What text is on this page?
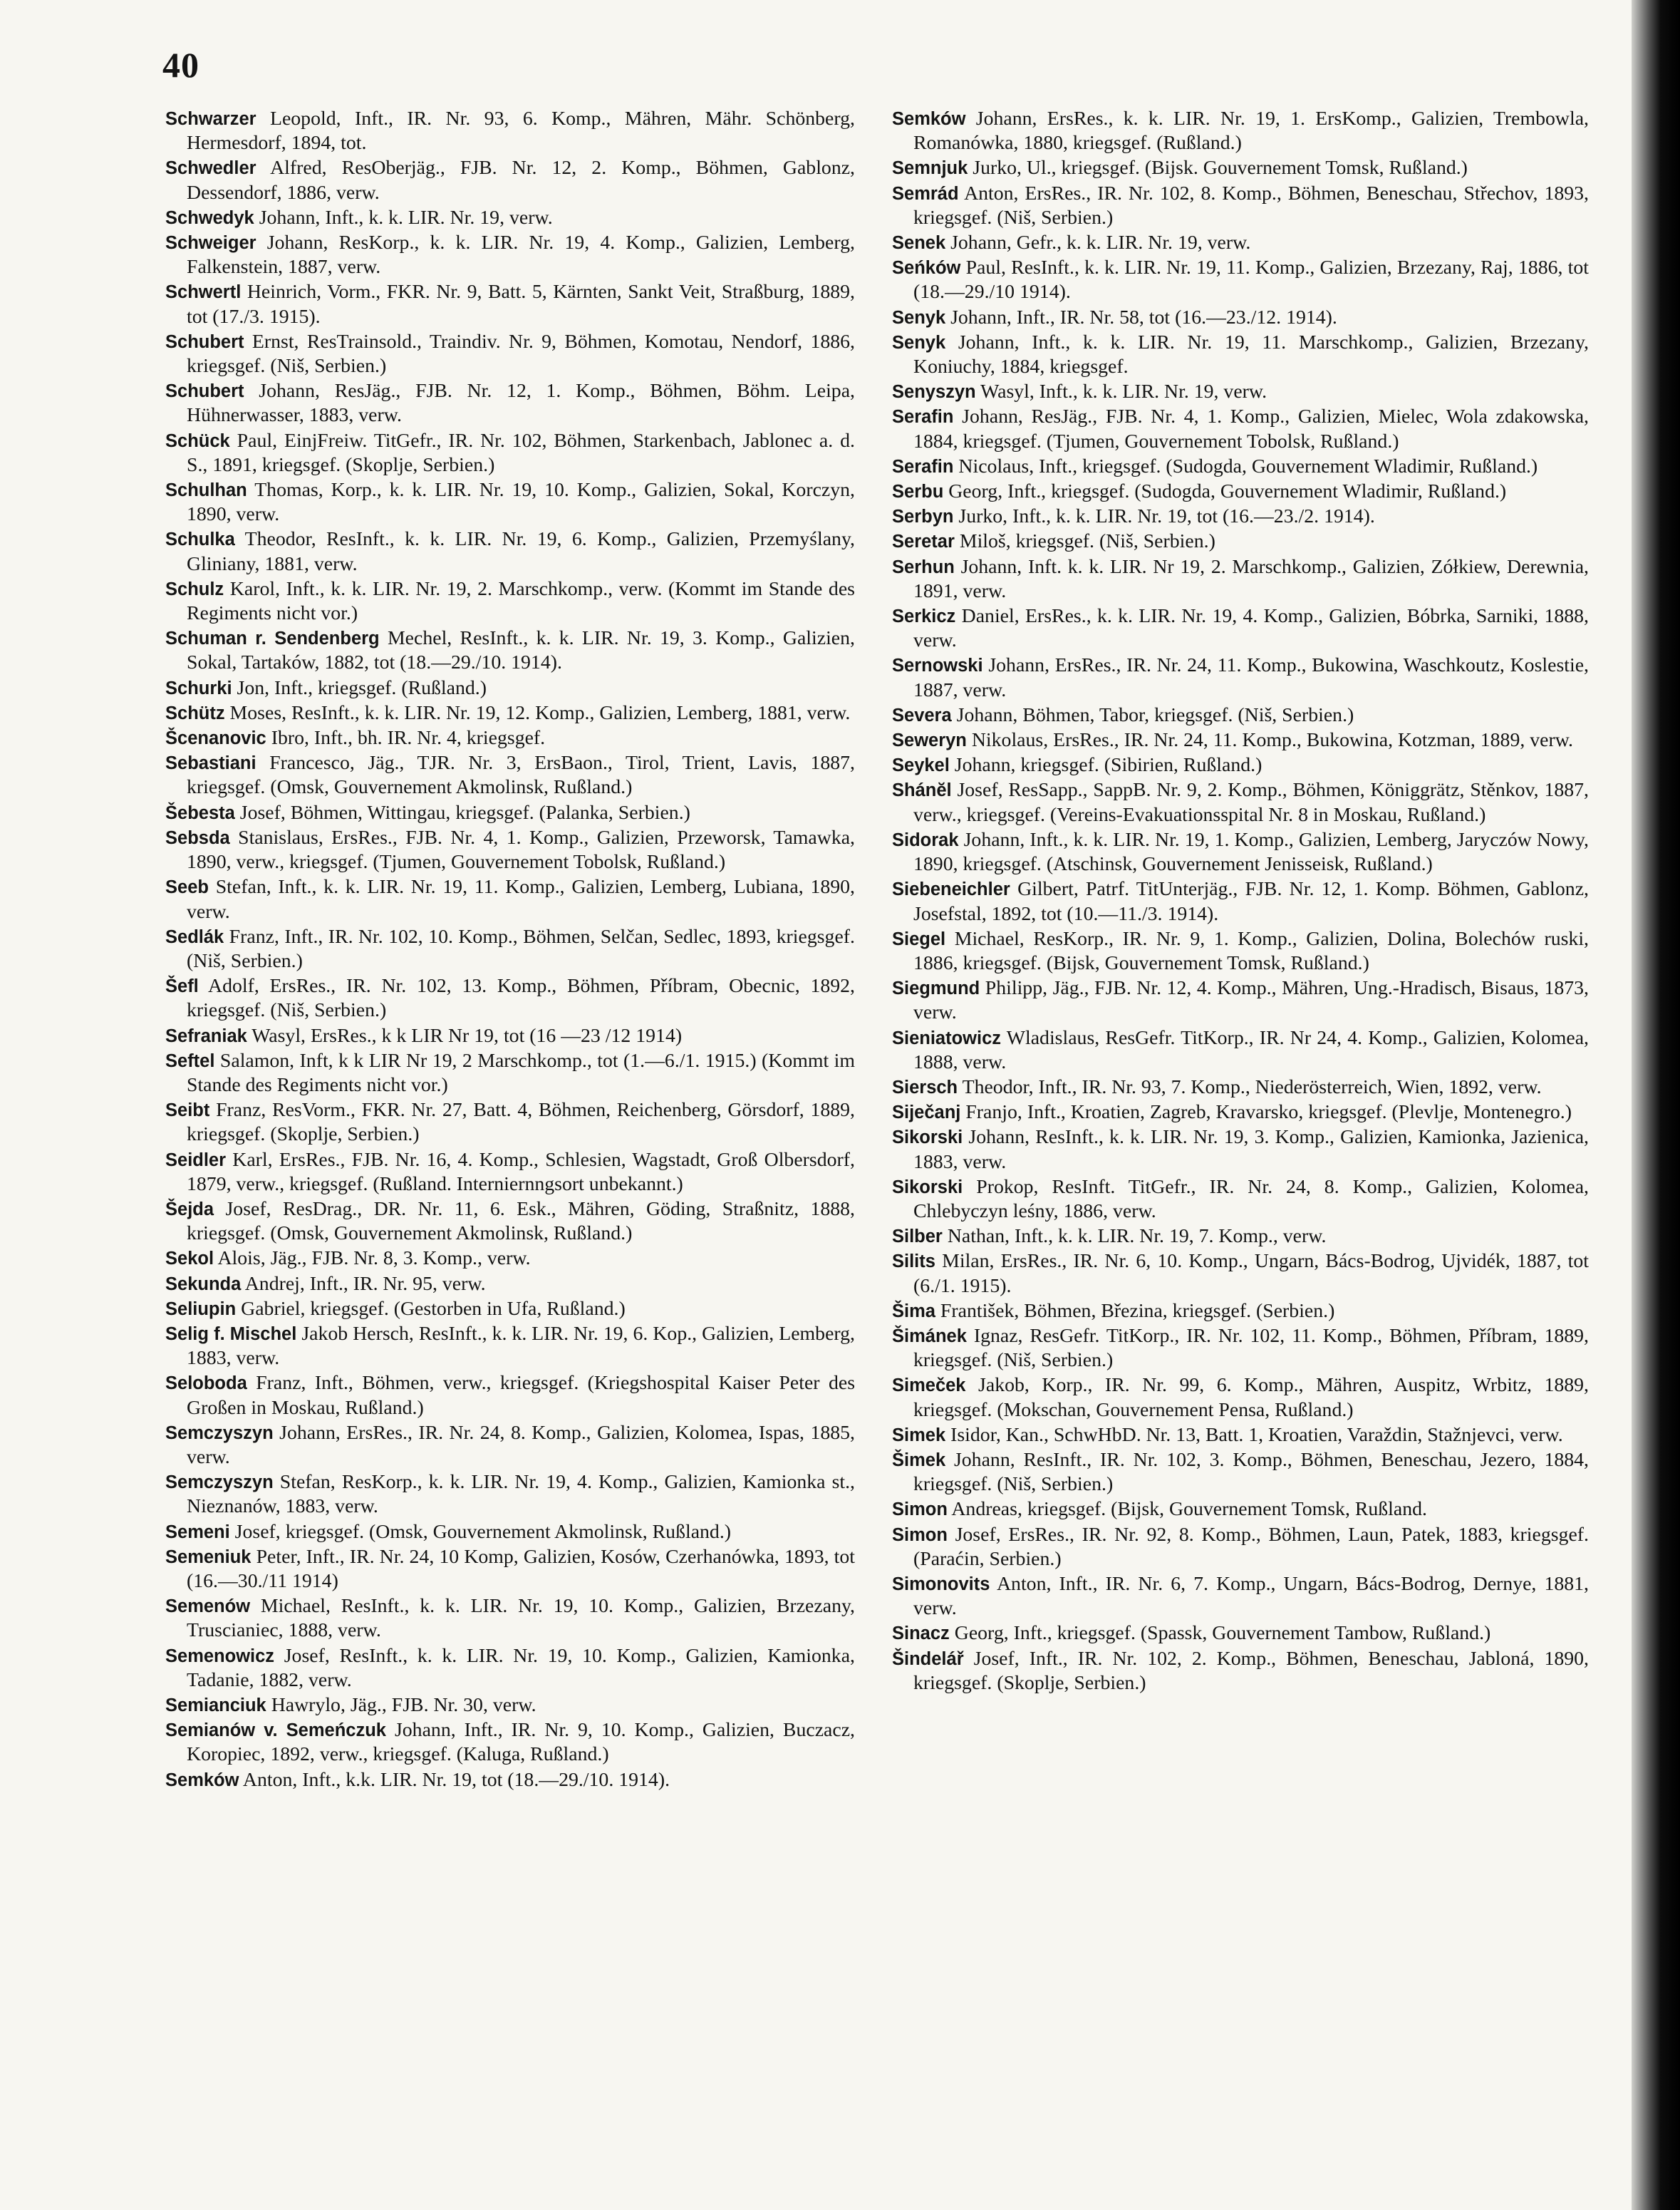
40

Schwarzer Leopold, Inft., IR. Nr. 93, 6. Komp., Mähren, Mähr. Schönberg, Hermesdorf, 1894, tot.

Schwedler Alfred, ResOberjäg., FJB. Nr. 12, 2. Komp., Böhmen, Gablonz, Dessendorf, 1886, verw.

Schwedyk Johann, Inft., k. k. LIR. Nr. 19, verw.

Schweiger Johann, ResKorp., k. k. LIR. Nr. 19, 4. Komp., Galizien, Lemberg, Falkenstein, 1887, verw.

Schwertl Heinrich, Vorm., FKR. Nr. 9, Batt. 5, Kärnten, Sankt Veit, Straßburg, 1889, tot (17./3. 1915).

Schubert Ernst, ResTrainsold., Traindiv. Nr. 9, Böhmen, Komotau, Nendorf, 1886, kriegsgef. (Niš, Serbien.)

Schubert Johann, ResJäg., FJB. Nr. 12, 1. Komp., Böhmen, Böhm. Leipa, Hühnerwasser, 1883, verw.

Schück Paul, EinjFreiw. TitGefr., IR. Nr. 102, Böhmen, Starkenbach, Jablonec a. d. S., 1891, kriegsgef. (Skoplje, Serbien.)

Schulhan Thomas, Korp., k. k. LIR. Nr. 19, 10. Komp., Galizien, Sokal, Korczyn, 1890, verw.

Schulka Theodor, ResInft., k. k. LIR. Nr. 19, 6. Komp., Galizien, Przemyślany, Gliniany, 1881, verw.

Schulz Karol, Inft., k. k. LIR. Nr. 19, 2. Marschkomp., verw. (Kommt im Stande des Regiments nicht vor.)

Schuman r. Sendenberg Mechel, ResInft., k. k. LIR. Nr. 19, 3. Komp., Galizien, Sokal, Tartaków, 1882, tot (18.—29./10. 1914).

Schurki Jon, Inft., kriegsgef. (Rußland.)

Schütz Moses, ResInft., k. k. LIR. Nr. 19, 12. Komp., Galizien, Lemberg, 1881, verw.

Šcenanovic Ibro, Inft., bh. IR. Nr. 4, kriegsgef.

Sebastiani Francesco, Jäg., TJR. Nr. 3, ErsBaon., Tirol, Trient, Lavis, 1887, kriegsgef. (Omsk, Gouvernement Akmolinsk, Rußland.)

Šebesta Josef, Böhmen, Wittingau, kriegsgef. (Palanka, Serbien.)

Sebsda Stanislaus, ErsRes., FJB. Nr. 4, 1. Komp., Galizien, Przeworsk, Tamawka, 1890, verw., kriegsgef. (Tjumen, Gouvernement Tobolsk, Rußland.)

Seeb Stefan, Inft., k. k. LIR. Nr. 19, 11. Komp., Galizien, Lemberg, Lubiana, 1890, verw.

Sedlák Franz, Inft., IR. Nr. 102, 10. Komp., Böhmen, Selčan, Sedlec, 1893, kriegsgef. (Niš, Serbien.)

Šefl Adolf, ErsRes., IR. Nr. 102, 13. Komp., Böhmen, Příbram, Obecnic, 1892, kriegsgef. (Niš, Serbien.)

Sefraniak Wasyl, ErsRes., k k LIR Nr 19, tot (16 —23 /12 1914)

Seftel Salamon, Inft, k k LIR Nr 19, 2 Marschkomp., tot (1.—6./1. 1915.) (Kommt im Stande des Regiments nicht vor.)

Seibt Franz, ResVorm., FKR. Nr. 27, Batt. 4, Böhmen, Reichenberg, Görsdorf, 1889, kriegsgef. (Skoplje, Serbien.)

Seidler Karl, ErsRes., FJB. Nr. 16, 4. Komp., Schlesien, Wagstadt, Groß Olbersdorf, 1879, verw., kriegsgef. (Rußland. Interniernngsort unbekannt.)

Šejda Josef, ResDrag., DR. Nr. 11, 6. Esk., Mähren, Göding, Straßnitz, 1888, kriegsgef. (Omsk, Gouvernement Akmolinsk, Rußland.)

Sekol Alois, Jäg., FJB. Nr. 8, 3. Komp., verw.

Sekunda Andrej, Inft., IR. Nr. 95, verw.

Seliupin Gabriel, kriegsgef. (Gestorben in Ufa, Rußland.)

Selig f. Mischel Jakob Hersch, ResInft., k. k. LIR. Nr. 19, 6. Kop., Galizien, Lemberg, 1883, verw.

Seloboda Franz, Inft., Böhmen, verw., kriegsgef. (Kriegshospital Kaiser Peter des Großen in Moskau, Rußland.)

Semczyszyn Johann, ErsRes., IR. Nr. 24, 8. Komp., Galizien, Kolomea, Ispas, 1885, verw.

Semczyszyn Stefan, ResKorp., k. k. LIR. Nr. 19, 4. Komp., Galizien, Kamionka st., Nieznanów, 1883, verw.

Semeni Josef, kriegsgef. (Omsk, Gouvernement Akmolinsk, Rußland.)

Semeniuk Peter, Inft., IR. Nr. 24, 10 Komp, Galizien, Kosów, Czerhanówka, 1893, tot (16.—30./11 1914)

Semenów Michael, ResInft., k. k. LIR. Nr. 19, 10. Komp., Galizien, Brzezany, Truscianiec, 1888, verw.

Semenowicz Josef, ResInft., k. k. LIR. Nr. 19, 10. Komp., Galizien, Kamionka, Tadanie, 1882, verw.

Semianciuk Hawrylo, Jäg., FJB. Nr. 30, verw.

Semianów v. Semeńczuk Johann, Inft., IR. Nr. 9, 10. Komp., Galizien, Buczacz, Koropiec, 1892, verw., kriegsgef. (Kaluga, Rußland.)

Semków Anton, Inft., k.k. LIR. Nr. 19, tot (18.—29./10. 1914).

Semków Johann, ErsRes., k. k. LIR. Nr. 19, 1. ErsKomp., Galizien, Trembowla, Romanówka, 1880, kriegsgef. (Rußland.)

Semnjuk Jurko, Ul., kriegsgef. (Bijsk. Gouvernement Tomsk, Rußland.)

Semrád Anton, ErsRes., IR. Nr. 102, 8. Komp., Böhmen, Beneschau, Střechov, 1893, kriegsgef. (Niš, Serbien.)

Senek Johann, Gefr., k. k. LIR. Nr. 19, verw.

Seńków Paul, ResInft., k. k. LIR. Nr. 19, 11. Komp., Galizien, Brzezany, Raj, 1886, tot (18.—29./10 1914).

Senyk Johann, Inft., IR. Nr. 58, tot (16.—23./12. 1914).

Senyk Johann, Inft., k. k. LIR. Nr. 19, 11. Marschkomp., Galizien, Brzezany, Koniuchy, 1884, kriegsgef.

Senyszyn Wasyl, Inft., k. k. LIR. Nr. 19, verw.

Serafin Johann, ResJäg., FJB. Nr. 4, 1. Komp., Galizien, Mielec, Wola zdakowska, 1884, kriegsgef. (Tjumen, Gouvernement Tobolsk, Rußland.)

Serafin Nicolaus, Inft., kriegsgef. (Sudogda, Gouvernement Wladimir, Rußland.)

Serbu Georg, Inft., kriegsgef. (Sudogda, Gouvernement Wladimir, Rußland.)

Serbyn Jurko, Inft., k. k. LIR. Nr. 19, tot (16.—23./2. 1914).

Seretar Miloš, kriegsgef. (Niš, Serbien.)

Serhun Johann, Inft. k. k. LIR. Nr 19, 2. Marschkomp., Galizien, Zółkiew, Derewnia, 1891, verw.

Serkicz Daniel, ErsRes., k. k. LIR. Nr. 19, 4. Komp., Galizien, Bóbrka, Sarniki, 1888, verw.

Sernowski Johann, ErsRes., IR. Nr. 24, 11. Komp., Bukowina, Waschkoutz, Koslestie, 1887, verw.

Severa Johann, Böhmen, Tabor, kriegsgef. (Niš, Serbien.)

Seweryn Nikolaus, ErsRes., IR. Nr. 24, 11. Komp., Bukowina, Kotzman, 1889, verw.

Seykel Johann, kriegsgef. (Sibirien, Rußland.)

Shánĕl Josef, ResSapp., SappB. Nr. 9, 2. Komp., Böhmen, Königgrätz, Stěnkov, 1887, verw., kriegsgef. (Vereins-Evakuationsspital Nr. 8 in Moskau, Rußland.)

Sidorak Johann, Inft., k. k. LIR. Nr. 19, 1. Komp., Galizien, Lemberg, Jaryczów Nowy, 1890, kriegsgef. (Atschinsk, Gouvernement Jenisseisk, Rußland.)

Siebeneichler Gilbert, Patrf. TitUnterjäg., FJB. Nr. 12, 1. Komp. Böhmen, Gablonz, Josefstal, 1892, tot (10.—11./3. 1914).

Siegel Michael, ResKorp., IR. Nr. 9, 1. Komp., Galizien, Dolina, Bolechów ruski, 1886, kriegsgef. (Bijsk, Gouvernement Tomsk, Rußland.)

Siegmund Philipp, Jäg., FJB. Nr. 12, 4. Komp., Mähren, Ung.-Hradisch, Bisaus, 1873, verw.

Sieniatowicz Wladislaus, ResGefr. TitKorp., IR. Nr 24, 4. Komp., Galizien, Kolomea, 1888, verw.

Siersch Theodor, Inft., IR. Nr. 93, 7. Komp., Niederösterreich, Wien, 1892, verw.

Siječanj Franjo, Inft., Kroatien, Zagreb, Kravarsko, kriegsgef. (Plevlje, Montenegro.)

Sikorski Johann, ResInft., k. k. LIR. Nr. 19, 3. Komp., Galizien, Kamionka, Jazienica, 1883, verw.

Sikorski Prokop, ResInft. TitGefr., IR. Nr. 24, 8. Komp., Galizien, Kolomea, Chlebyczyn leśny, 1886, verw.

Silber Nathan, Inft., k. k. LIR. Nr. 19, 7. Komp., verw.

Silits Milan, ErsRes., IR. Nr. 6, 10. Komp., Ungarn, Bács-Bodrog, Ujvidék, 1887, tot (6./1. 1915).

Šima František, Böhmen, Březina, kriegsgef. (Serbien.)

Šimánek Ignaz, ResGefr. TitKorp., IR. Nr. 102, 11. Komp., Böhmen, Příbram, 1889, kriegsgef. (Niš, Serbien.)

Simeček Jakob, Korp., IR. Nr. 99, 6. Komp., Mähren, Auspitz, Wrbitz, 1889, kriegsgef. (Mokschan, Gouvernement Pensa, Rußland.)

Simek Isidor, Kan., SchwHbD. Nr. 13, Batt. 1, Kroatien, Varaždin, Stažnjevci, verw.

Šimek Johann, ResInft., IR. Nr. 102, 3. Komp., Böhmen, Beneschau, Jezero, 1884, kriegsgef. (Niš, Serbien.)

Simon Andreas, kriegsgef. (Bijsk, Gouvernement Tomsk, Rußland.

Simon Josef, ErsRes., IR. Nr. 92, 8. Komp., Böhmen, Laun, Patek, 1883, kriegsgef. (Paraćin, Serbien.)

Simonovits Anton, Inft., IR. Nr. 6, 7. Komp., Ungarn, Bács-Bodrog, Dernye, 1881, verw.

Sinacz Georg, Inft., kriegsgef. (Spassk, Gouvernement Tambow, Rußland.)

Šindelář Josef, Inft., IR. Nr. 102, 2. Komp., Böhmen, Beneschau, Jabloná, 1890, kriegsgef. (Skoplje, Serbien.)
